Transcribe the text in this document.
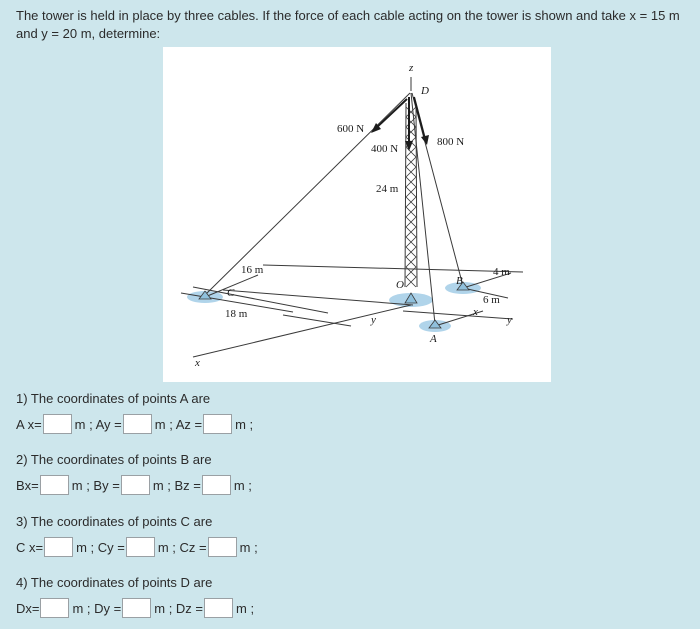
The tower is held in place by three cables. If the force of each cable acting on the tower is shown and take x = 15 m and y = 20 m, determine:
z
D
600 N
400 N
800 N
24 m
16 m
18 m
4 m
6 m
C
O	B
A
x
x
y	y
1) The coordinates of points A are
A x=	m ; Ay =	m ; Az =	m ;
2) The coordinates of points B are
Bx=	m ; By =	m ; Bz =	m ;
3) The coordinates of points C are
C x=	m ; Cy =	m ; Cz =	m ;
4) The coordinates of points D are
Dx=	m ; Dy =	m ; Dz =	m ;
